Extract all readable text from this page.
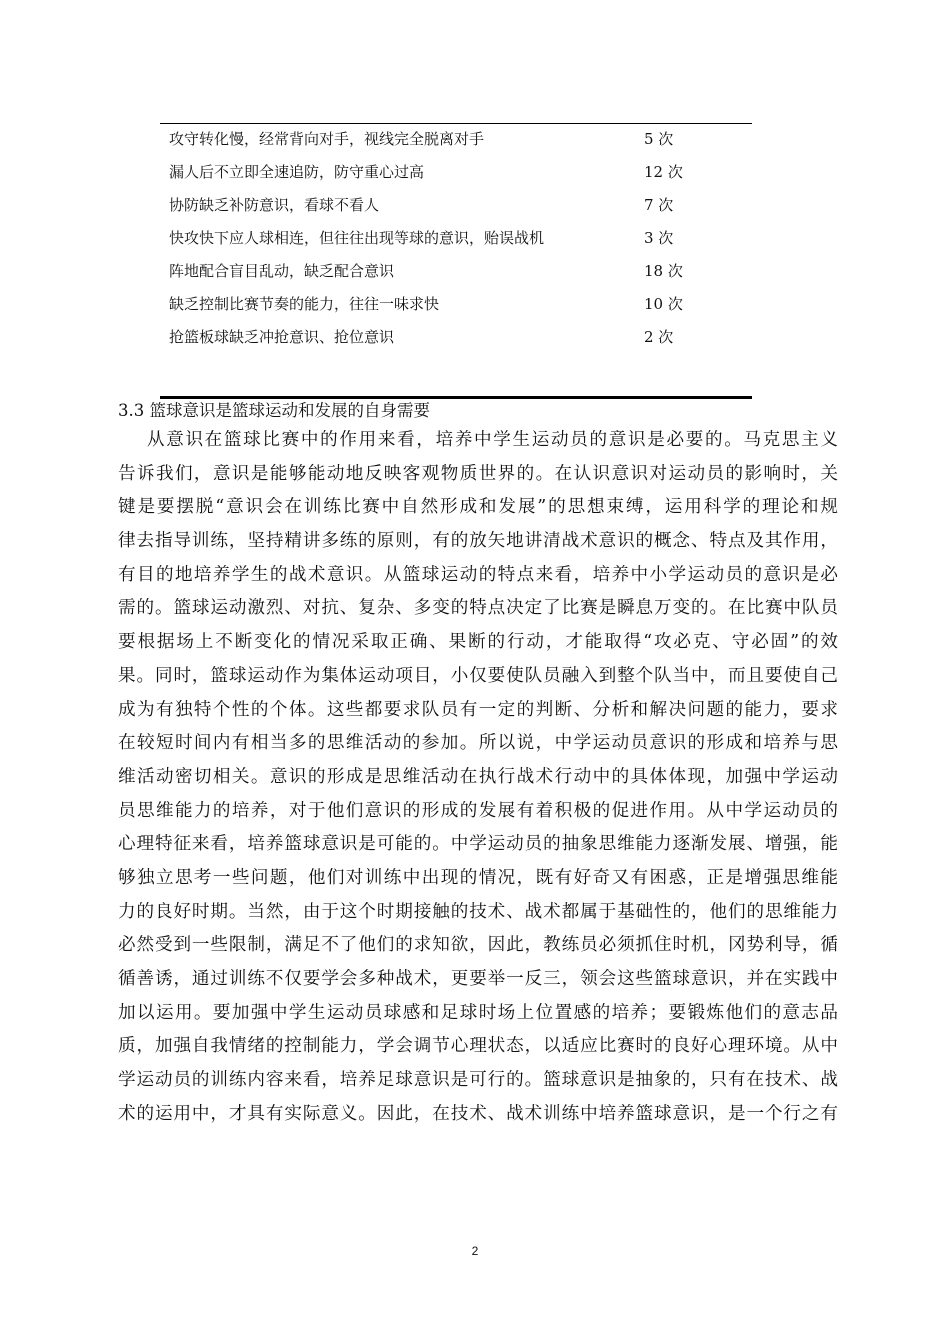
攻守转化慢，经常背向对手，视线完全脱离对手	5 次
漏人后不立即全速追防，防守重心过高	12 次
协防缺乏补防意识，看球不看人	7 次
快攻快下应人球相连，但往往出现等球的意识，贻误战机	3 次
阵地配合盲目乱动，缺乏配合意识	18 次
缺乏控制比赛节奏的能力，往往一味求快	10 次
抢篮板球缺乏冲抢意识、抢位意识	2 次
3.3 篮球意识是篮球运动和发展的自身需要
从意识在篮球比赛中的作用来看，培养中学生运动员的意识是必要的。马克思主义
告诉我们，意识是能够能动地反映客观物质世界的。在认识意识对运动员的影响时，关
键是要摆脱“意识会在训练比赛中自然形成和发展”的思想束缚，运用科学的理论和规
律去指导训练，坚持精讲多练的原则，有的放矢地讲清战术意识的概念、特点及其作用，
有目的地培养学生的战术意识。从篮球运动的特点来看，培养中小学运动员的意识是必
需的。篮球运动激烈、对抗、复杂、多变的特点决定了比赛是瞬息万变的。在比赛中队员
要根据场上不断变化的情况采取正确、果断的行动，才能取得“攻必克、守必固”的效
果。同时，篮球运动作为集体运动项目，小仅要使队员融入到整个队当中，而且要使自己
成为有独特个性的个体。这些都要求队员有一定的判断、分析和解决问题的能力，要求
在较短时间内有相当多的思维活动的参加。所以说，中学运动员意识的形成和培养与思
维活动密切相关。意识的形成是思维活动在执行战术行动中的具体体现，加强中学运动
员思维能力的培养，对于他们意识的形成的发展有着积极的促进作用。从中学运动员的
心理特征来看，培养篮球意识是可能的。中学运动员的抽象思维能力逐渐发展、增强，能
够独立思考一些问题，他们对训练中出现的情况，既有好奇又有困惑，正是增强思维能
力的良好时期。当然，由于这个时期接触的技术、战术都属于基础性的，他们的思维能力
必然受到一些限制，满足不了他们的求知欲，因此，教练员必须抓住时机，冈势利导，循
循善诱，通过训练不仅要学会多种战术，更要举一反三，领会这些篮球意识，并在实践中
加以运用。要加强中学生运动员球感和足球时场上位置感的培养；要锻炼他们的意志品
质，加强自我情绪的控制能力，学会调节心理状态，以适应比赛时的良好心理环境。从中
学运动员的训练内容来看，培养足球意识是可行的。篮球意识是抽象的，只有在技术、战
术的运用中，才具有实际意义。因此，在技术、战术训练中培养篮球意识，是一个行之有
2
